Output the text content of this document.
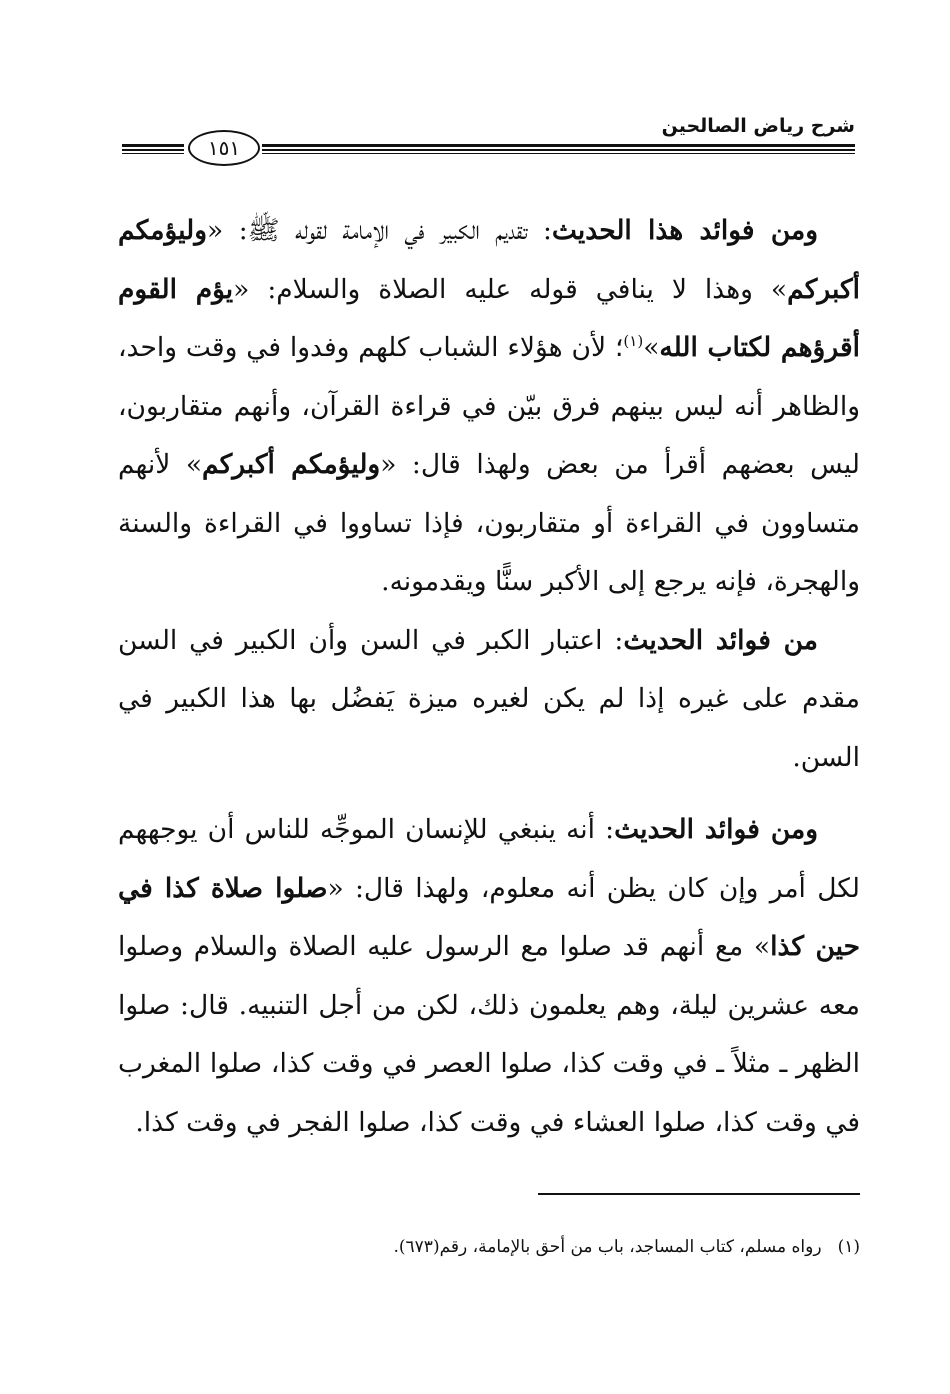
شرح رياض الصالحين
١٥١

ومن فوائد هذا الحديث: تقديم الكبير في الإمامة لقوله ﷺ: «وليؤمكم أكبركم» وهذا لا ينافي قوله عليه الصلاة والسلام: «يؤم القوم أقرؤهم لكتاب الله»$^{(١)}$؛ لأن هؤلاء الشباب كلهم وفدوا في وقت واحد، والظاهر أنه ليس بينهم فرق بيّن في قراءة القرآن، وأنهم متقاربون، ليس بعضهم أقرأ من بعض ولهذا قال: «وليؤمكم أكبركم» لأنهم متساوون في القراءة أو متقاربون، فإذا تساووا في القراءة والسنة والهجرة، فإنه يرجع إلى الأكبر سنًّا ويقدمونه.

من فوائد الحديث: اعتبار الكبر في السن وأن الكبير في السن مقدم على غيره إذا لم يكن لغيره ميزة يَفضُل بها هذا الكبير في السن.

ومن فوائد الحديث: أنه ينبغي للإنسان الموجِّه للناس أن يوجههم لكل أمر وإن كان يظن أنه معلوم، ولهذا قال: «صلوا صلاة كذا في حين كذا» مع أنهم قد صلوا مع الرسول عليه الصلاة والسلام وصلوا معه عشرين ليلة، وهم يعلمون ذلك، لكن من أجل التنبيه. قال: صلوا الظهر ـ مثلاً ـ في وقت كذا، صلوا العصر في وقت كذا، صلوا المغرب في وقت كذا، صلوا العشاء في وقت كذا، صلوا الفجر في وقت كذا.

(١)رواه مسلم، كتاب المساجد، باب من أحق بالإمامة، رقم(٦٧٣).
